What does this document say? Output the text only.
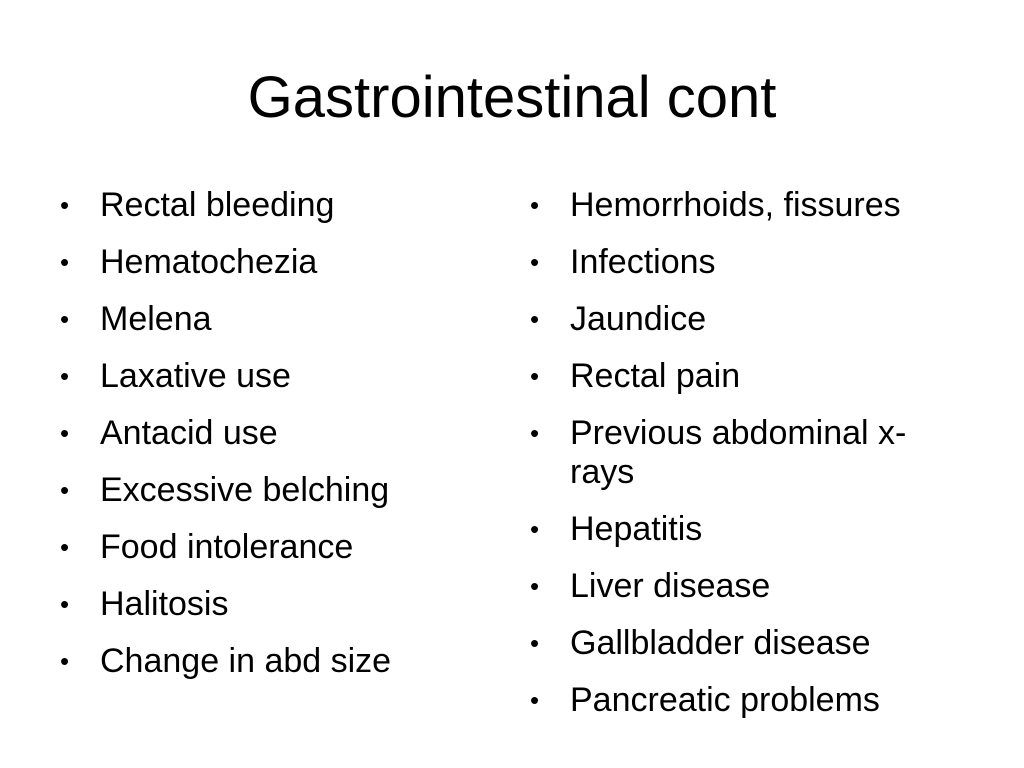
Gastrointestinal cont
• Rectal bleeding
• Hematochezia
• Melena
• Laxative use
• Antacid use
• Excessive belching
• Food intolerance
• Halitosis
• Change in abd size
• Hemorrhoids, fissures
• Infections
• Jaundice
• Rectal pain
• Previous abdominal x-rays
• Hepatitis
• Liver disease
• Gallbladder disease
• Pancreatic problems
